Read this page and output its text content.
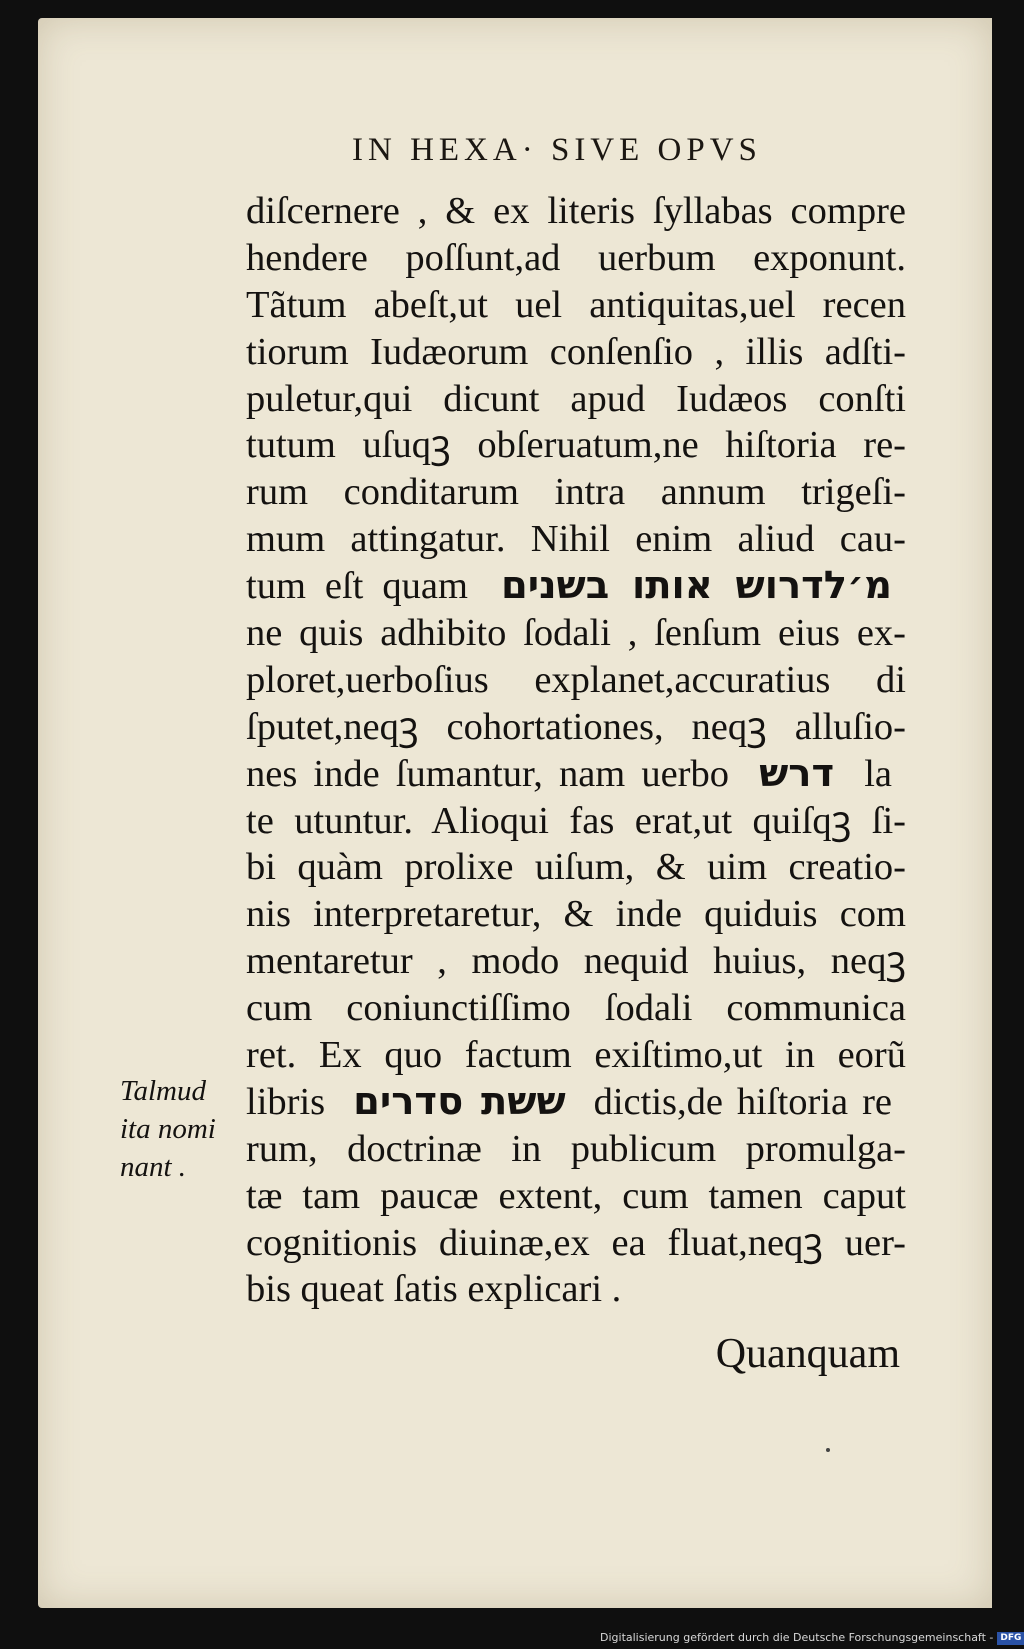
IN HEXA· SIVE OPVS
diſcernere , & ex literis ſyllabas compre
hendere poſſunt,ad uerbum exponunt.
Tãtum abeſt,ut uel antiquitas,uel recen
tiorum Iudæorum conſenſio , illis adſti-
puletur,qui dicunt apud Iudæos conſti
tutum uſuqꝫ obſeruatum,ne hiſtoria re-
rum conditarum intra annum trigeſi-
mum attingatur. Nihil enim aliud cau-
tum eſt quam מ׳לדרוש אותו בשנים
ne quis adhibito ſodali , ſenſum eius ex-
ploret,uerboſius explanet,accuratius di
ſputet,neqꝫ cohortationes, neqꝫ alluſio-
nes inde ſumantur, nam uerbo דרש la
te utuntur. Alioqui fas erat,ut quiſqꝫ ſi-
bi quàm prolixe uiſum, & uim creatio-
nis interpretaretur, & inde quiduis com
mentaretur , modo nequid huius, neqꝫ
cum coniunctiſſimo ſodali communica
ret. Ex quo factum exiſtimo,ut in eorũ
libris ששת סדרים dictis,de hiſtoria re
rum, doctrinæ in publicum promulga-
tæ tam paucæ extent, cum tamen caput
cognitionis diuinæ,ex ea fluat,neqꝫ uer-
bis queat ſatis explicari .
Talmud
ita nomi
nant .
Quanquam
Digitalisierung gefördert durch die Deutsche Forschungsgemeinschaft - DFG
